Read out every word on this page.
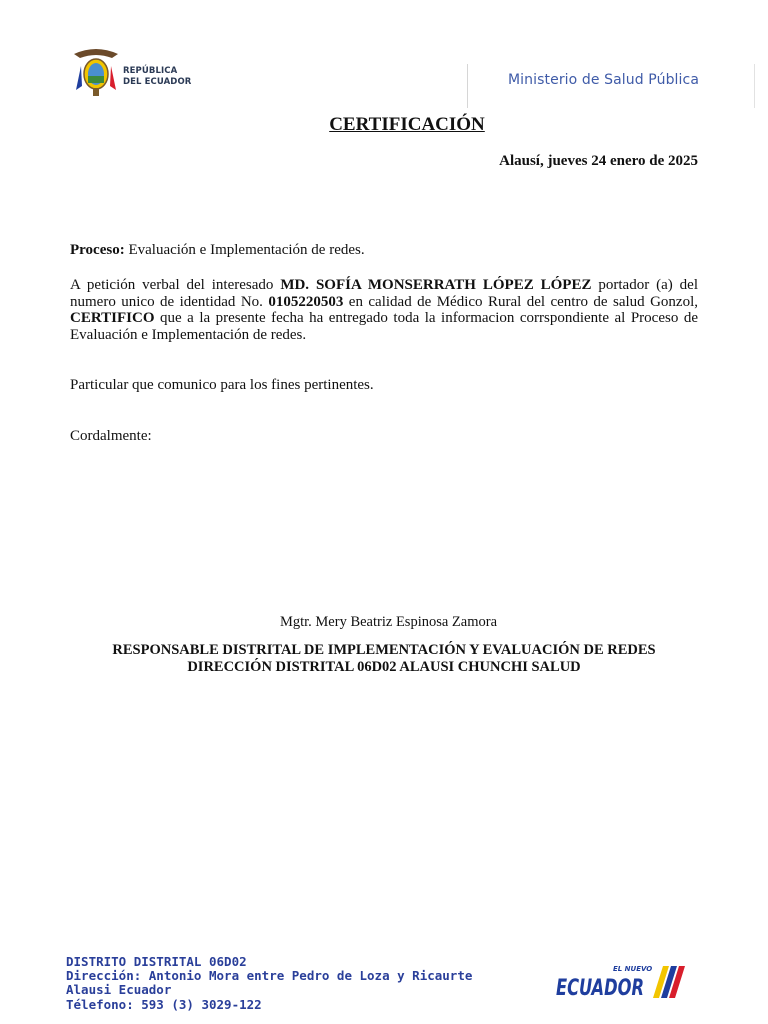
REPÚBLICA
DEL ECUADOR	Ministerio de Salud Pública
CERTIFICACIÓN
Alausí, jueves 24 enero de 2025
Proceso: Evaluación e Implementación de redes.
A petición verbal del interesado MD. SOFÍA MONSERRATH LÓPEZ LÓPEZ portador (a) del numero unico de identidad No. 0105220503 en calidad de Médico Rural del centro de salud Gonzol, CERTIFICO que a la presente fecha ha entregado toda la informacion corrspondiente al Proceso de Evaluación e Implementación de redes.
Particular que comunico para los fines pertinentes.
Cordalmente:
Mgtr. Mery Beatriz Espinosa Zamora
RESPONSABLE DISTRITAL DE IMPLEMENTACIÓN Y EVALUACIÓN DE REDES
DIRECCIÓN DISTRITAL 06D02 ALAUSI CHUNCHI SALUD
DISTRITO DISTRITAL 06D02
Dirección: Antonio Mora entre Pedro de Loza y Ricaurte
Alausi Ecuador
Télefono: 593 (3) 3029-122
EL NUEVO
ECUADOR
